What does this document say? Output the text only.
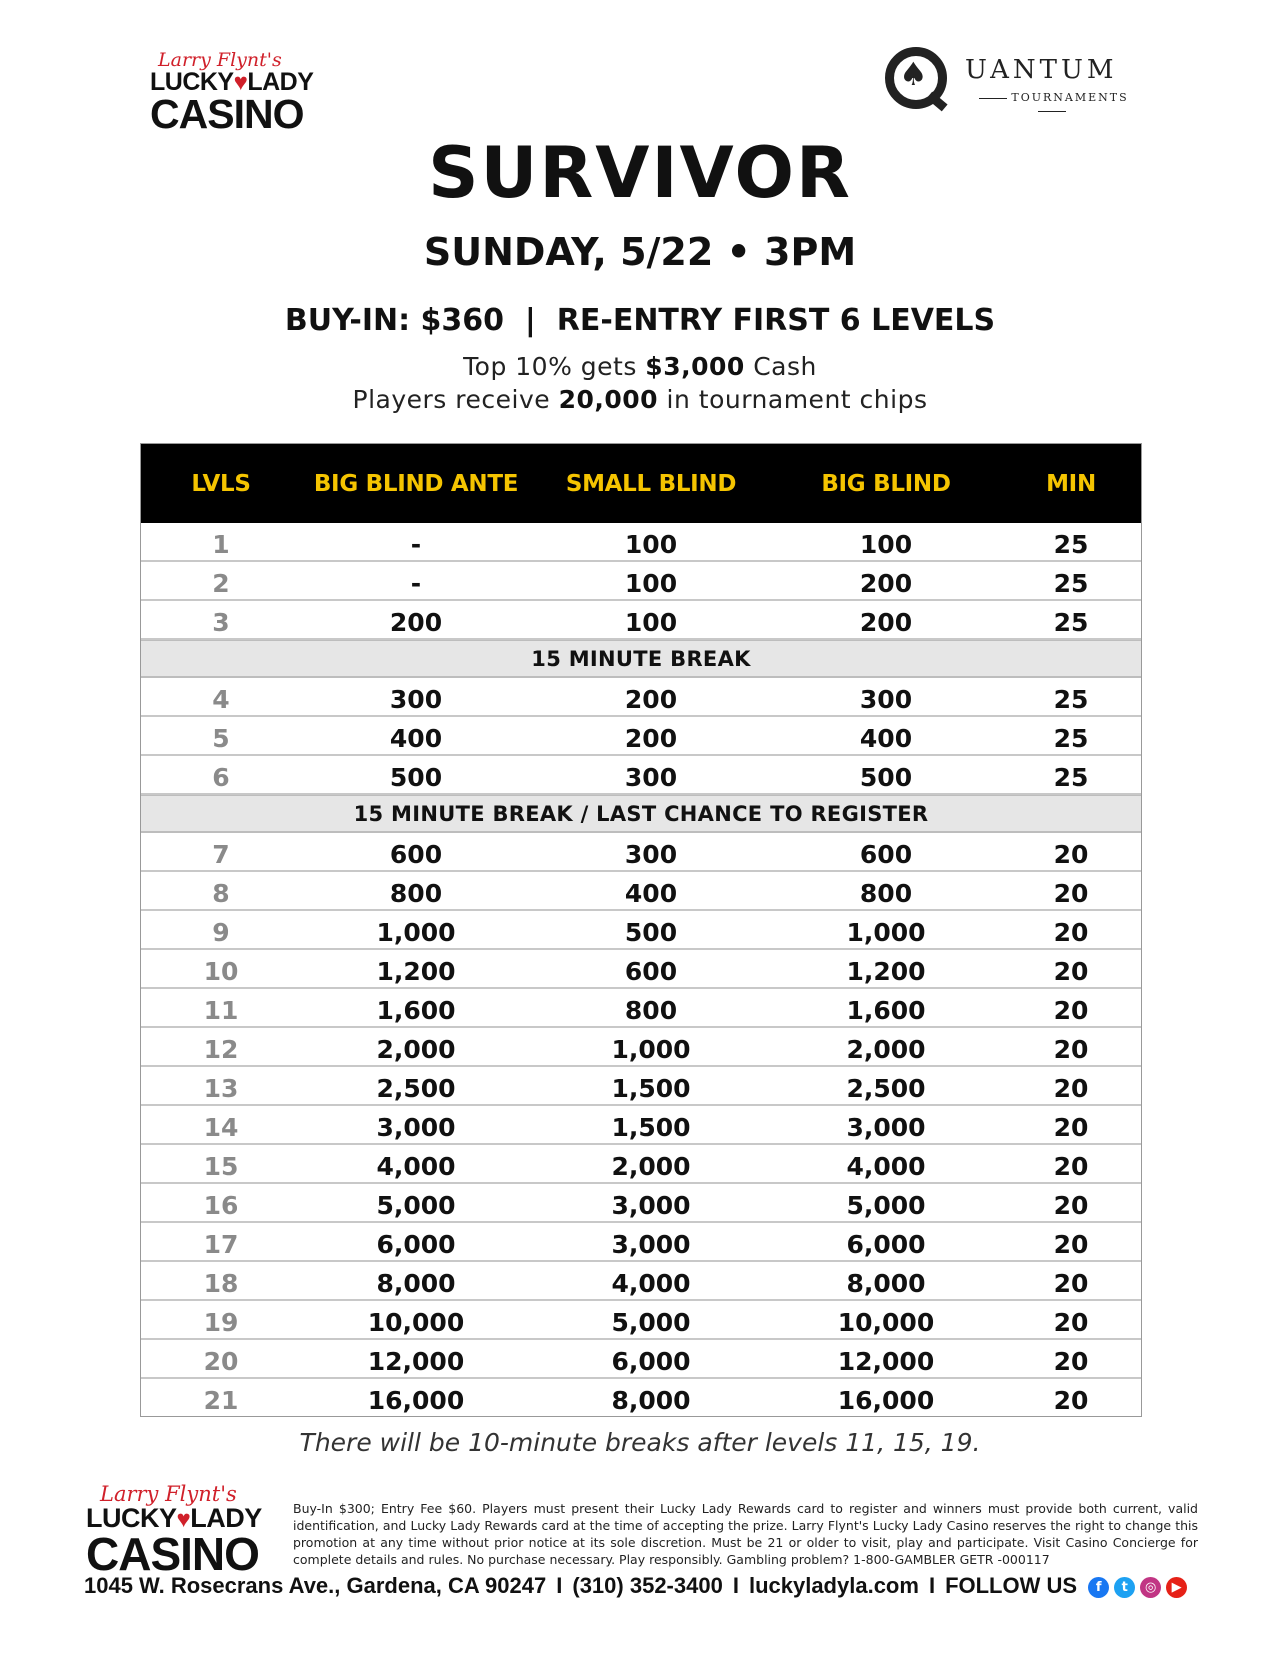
Larry Flynt's
LUCKY♥LADY
CASINO
♠ UANTUM
TOURNAMENTS
SURVIVOR
SUNDAY, 5/22 • 3PM
BUY-IN: $360  |  RE-ENTRY FIRST 6 LEVELS
Top 10% gets $3,000 Cash
Players receive 20,000 in tournament chips
LVLS	BIG BLIND ANTE	SMALL BLIND	BIG BLIND	MIN
1	-	100	100	25
2	-	100	200	25
3	200	100	200	25
15 MINUTE BREAK
4	300	200	300	25
5	400	200	400	25
6	500	300	500	25
15 MINUTE BREAK / LAST CHANCE TO REGISTER
7	600	300	600	20
8	800	400	800	20
9	1,000	500	1,000	20
10	1,200	600	1,200	20
11	1,600	800	1,600	20
12	2,000	1,000	2,000	20
13	2,500	1,500	2,500	20
14	3,000	1,500	3,000	20
15	4,000	2,000	4,000	20
16	5,000	3,000	5,000	20
17	6,000	3,000	6,000	20
18	8,000	4,000	8,000	20
19	10,000	5,000	10,000	20
20	12,000	6,000	12,000	20
21	16,000	8,000	16,000	20
There will be 10-minute breaks after levels 11, 15, 19.
Larry Flynt's
LUCKY♥LADY
CASINO
Buy-In $300; Entry Fee $60. Players must present their Lucky Lady Rewards card to register and winners must provide both current, valid identification, and Lucky Lady Rewards card at the time of accepting the prize. Larry Flynt's Lucky Lady Casino reserves the right to change this promotion at any time without prior notice at its sole discretion. Must be 21 or older to visit, play and participate. Visit Casino Concierge for complete details and rules. No purchase necessary. Play responsibly. Gambling problem? 1-800-GAMBLER GETR -000117
1045 W. Rosecrans Ave., Gardena, CA 90247 I (310) 352-3400 I luckyladyla.com I FOLLOW US f t ◎ ▶
